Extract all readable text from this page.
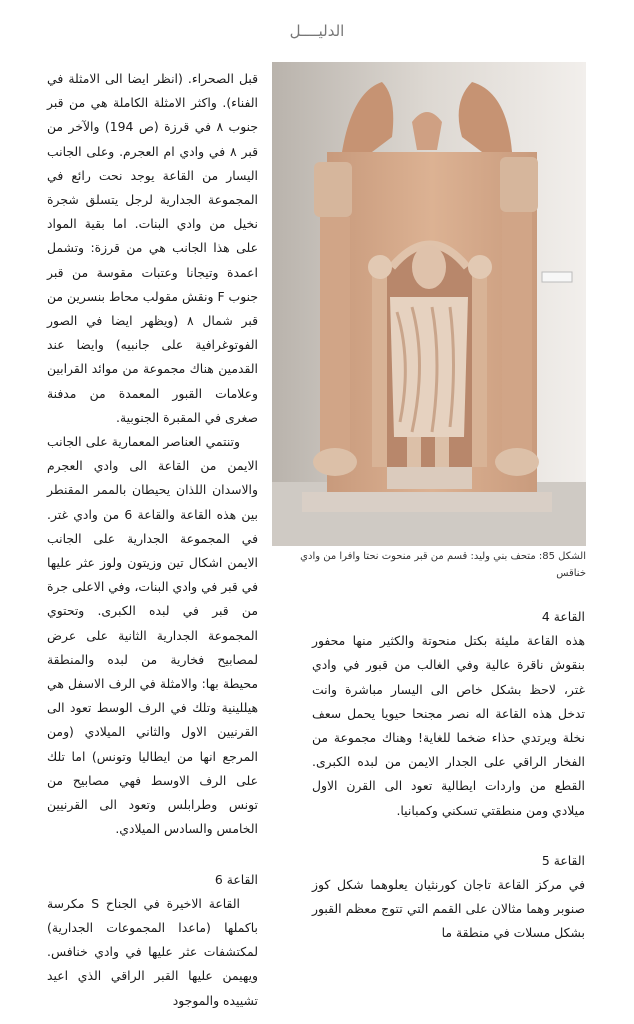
الدليــــل

قبل الصحراء. (انظر ايضا الى الامثلة في الفناء). واكثر الامثلة الكاملة هي من قبر جنوب ٨ في قرزة (ص 194) والآخر من قبر ٨ في وادي ام العجرم. وعلى الجانب اليسار من القاعة يوجد نحت رائع في المجموعة الجدارية لرجل يتسلق شجرة نخيل من وادي البنات. اما بقية المواد على هذا الجانب هي من قرزة: وتشمل اعمدة وتيجانا وعتبات مقوسة من قبر جنوب F ونقش مقولب محاط بنسرين من قبر شمال ٨ (ويظهر ايضا في الصور الفوتوغرافية على جانبيه) وايضا عند القدمين هناك مجموعة من موائد القرابين وعلامات القبور المعمدة من مدفنة صغرى في المقبرة الجنوبية.

وتنتمي العناصر المعمارية على الجانب الايمن من القاعة الى وادي العجرم والاسدان اللذان يحيطان بالممر المقنطر بين هذه القاعة والقاعة 6 من وادي غتر. في المجموعة الجدارية على الجانب الايمن اشكال تين وزيتون ولوز عثر عليها في قبر في وادي البنات، وفي الاعلى جرة من قبر في لبده الكبرى. وتحتوي المجموعة الجدارية الثانية على عرض لمصابيح فخارية من لبده والمنطقة محيطة بها: والامثلة في الرف الاسفل هي هيللينية وتلك في الرف الوسط تعود الى القرنيين الاول والثاني الميلادي (ومن المرجع انها من ايطاليا وتونس) اما تلك على الرف الاوسط فهي مصابيح من تونس وطرابلس وتعود الى القرنيين الخامس والسادس الميلادي.

القاعة 6

القاعة الاخيرة في الجناح S مكرسة باكملها (ماعدا المجموعات الجدارية) لمكتشفات عثر عليها في وادي خنافس. ويهيمن عليها القبر الراقي الذي اعيد تشييده والموجود

الشكل 85: متحف بني وليد: قسم من قبر منحوت نحتا وافرا من وادي خناقس

القاعة 4

هذه القاعة مليئة بكتل منحوتة والكثير منها محفور بنقوش ناقرة عالية وفي الغالب من قبور في وادي غتر، لاحظ بشكل خاص الى اليسار مباشرة وانت تدخل هذه القاعة اله نصر مجنحا حيويا يحمل سعف نخلة ويرتدي حذاء ضخما للغاية! وهناك مجموعة من الفخار الراقي على الجدار الايمن من لبده الكبرى. القطع من واردات ايطالية تعود الى القرن الاول ميلادي ومن منطقتي تسكني وكمبانيا.

القاعة 5

في مركز القاعة تاجان كورنثيان يعلوهما شكل كوز صنوبر وهما مثالان على القمم التي تتوج معظم القبور بشكل مسلات في منطقة ما
